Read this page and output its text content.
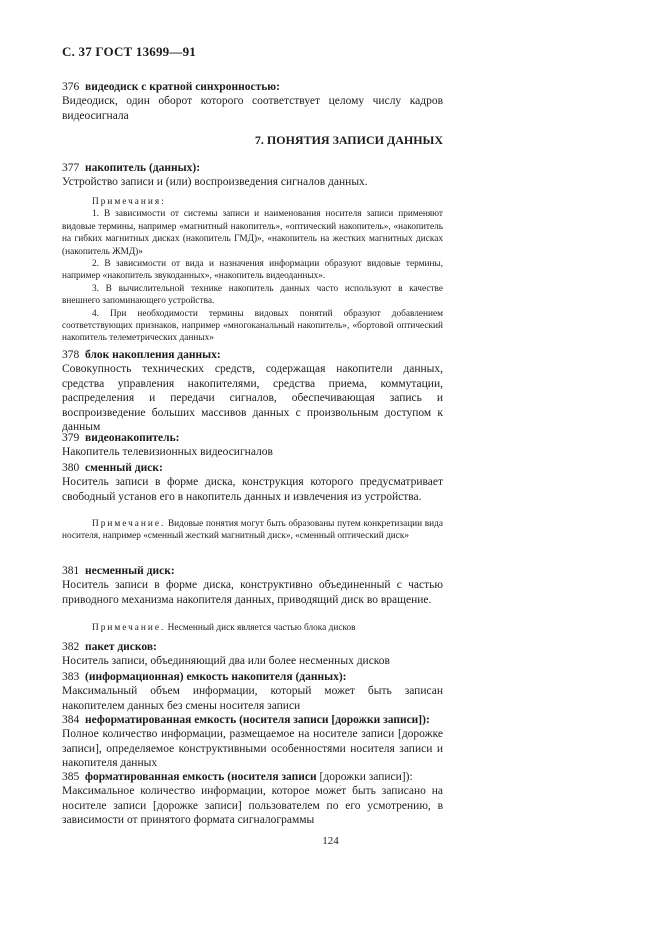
С. 37 ГОСТ 13699—91
376 видеодиск с кратной синхронностью:
Видеодиск, один оборот которого соответствует целому числу кадров видеосигнала
7. ПОНЯТИЯ ЗАПИСИ ДАННЫХ
377 накопитель (данных):
Устройство записи и (или) воспроизведения сигналов данных.
Примечания:
1. В зависимости от системы записи и наименования носителя записи применяют видовые термины, например «магнитный накопитель», «оптический накопитель», «накопитель на гибких магнитных дисках (накопитель ГМД)», «накопитель на жестких магнитных дисках (накопитель ЖМД)»
2. В зависимости от вида и назначения информации образуют видовые термины, например «накопитель звукоданных», «накопитель видеоданных».
3. В вычислительной технике накопитель данных часто используют в качестве внешнего запоминающего устройства.
4. При необходимости термины видовых понятий образуют добавлением соответствующих признаков, например «многоканальный накопитель», «бортовой оптический накопитель телеметрических данных»
378 блок накопления данных:
Совокупность технических средств, содержащая накопители данных, средства управления накопителями, средства приема, коммутации, распределения и передачи сигналов, обеспечивающая запись и воспроизведение больших массивов данных с произвольным доступом к данным
379 видеонакопитель:
Накопитель телевизионных видеосигналов
380 сменный диск:
Носитель записи в форме диска, конструкция которого предусматривает свободный установ его в накопитель данных и извлечения из устройства.
Примечание. Видовые понятия могут быть образованы путем конкретизации вида носителя, например «сменный жесткий магнитный диск», «сменный оптический диск»
381 несменный диск:
Носитель записи в форме диска, конструктивно объединенный с частью приводного механизма накопителя данных, приводящий диск во вращение.
Примечание. Несменный диск является частью блока дисков
382 пакет дисков:
Носитель записи, объединяющий два или более несменных дисков
383 (информационная) емкость накопителя (данных):
Максимальный объем информации, который может быть записан накопителем данных без смены носителя записи
384 неформатированная емкость (носителя записи [дорожки записи]):
Полное количество информации, размещаемое на носителе записи [дорожке записи], определяемое конструктивными особенностями носителя записи и накопителя данных
385 форматированная емкость (носителя записи [дорожки записи]):
Максимальное количество информации, которое может быть записано на носителе записи [дорожке записи] пользователем по его усмотрению, в зависимости от принятого формата сигналограммы
124
